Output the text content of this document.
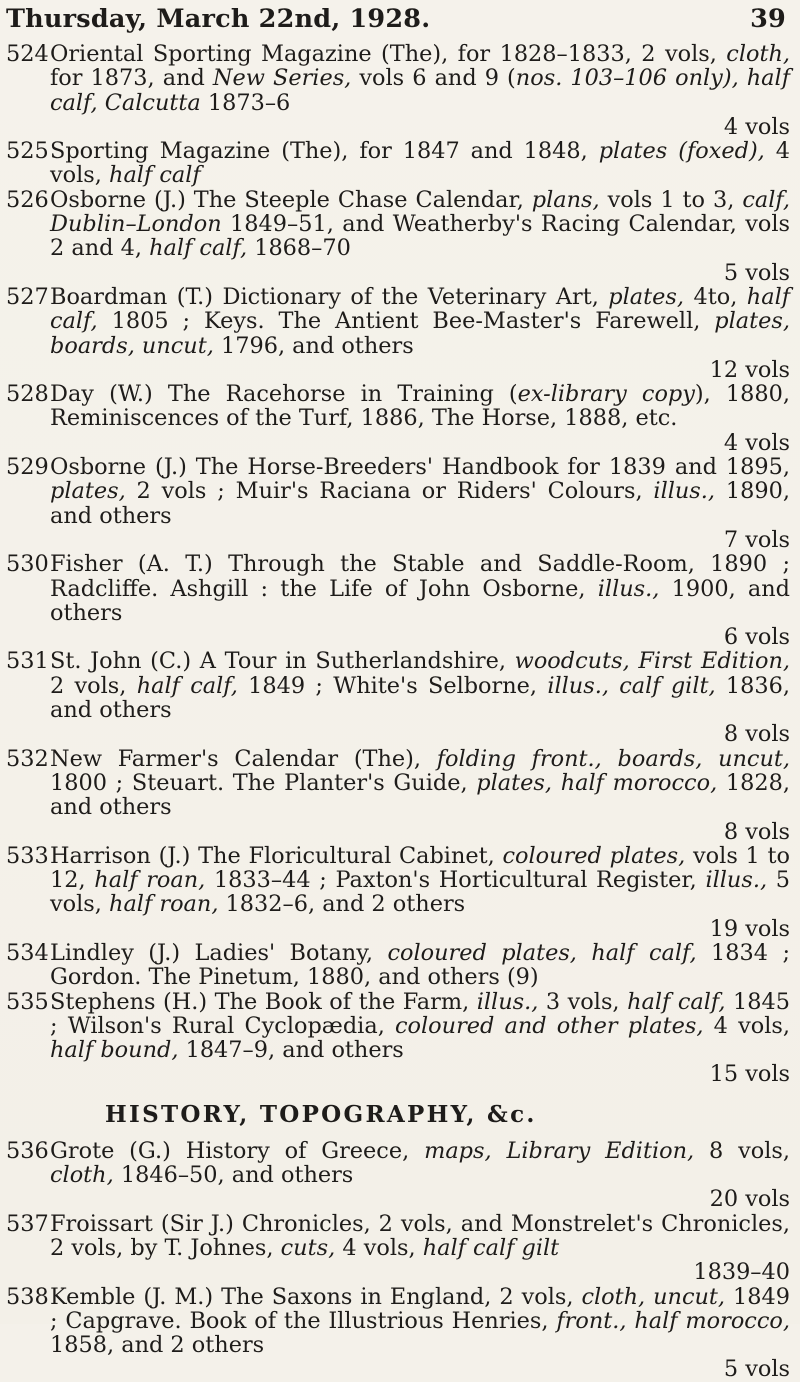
Thursday, March 22nd, 1928.	39

524 Oriental Sporting Magazine (The), for 1828–1833, 2 vols, cloth, for 1873, and New Series, vols 6 and 9 (nos. 103–106 only), half calf, Calcutta 1873–6
4 vols

525 Sporting Magazine (The), for 1847 and 1848, plates (foxed), 4 vols, half calf

526 Osborne (J.) The Steeple Chase Calendar, plans, vols 1 to 3, calf, Dublin–London 1849–51, and Weatherby's Racing Calendar, vols 2 and 4, half calf, 1868–70
5 vols

527 Boardman (T.) Dictionary of the Veterinary Art, plates, 4to, half calf, 1805 ; Keys. The Antient Bee-Master's Farewell, plates, boards, uncut, 1796, and others
12 vols

528 Day (W.) The Racehorse in Training (ex-library copy), 1880, Reminiscences of the Turf, 1886, The Horse, 1888, etc.
4 vols

529 Osborne (J.) The Horse-Breeders' Handbook for 1839 and 1895, plates, 2 vols ; Muir's Raciana or Riders' Colours, illus., 1890, and others
7 vols

530 Fisher (A. T.) Through the Stable and Saddle-Room, 1890 ; Radcliffe. Ashgill : the Life of John Osborne, illus., 1900, and others
6 vols

531 St. John (C.) A Tour in Sutherlandshire, woodcuts, First Edition, 2 vols, half calf, 1849 ; White's Selborne, illus., calf gilt, 1836, and others
8 vols

532 New Farmer's Calendar (The), folding front., boards, uncut, 1800 ; Steuart. The Planter's Guide, plates, half morocco, 1828, and others
8 vols

533 Harrison (J.) The Floricultural Cabinet, coloured plates, vols 1 to 12, half roan, 1833–44 ; Paxton's Horticultural Register, illus., 5 vols, half roan, 1832–6, and 2 others
19 vols

534 Lindley (J.) Ladies' Botany, coloured plates, half calf, 1834 ; Gordon. The Pinetum, 1880, and others (9)

535 Stephens (H.) The Book of the Farm, illus., 3 vols, half calf, 1845 ; Wilson's Rural Cyclopædia, coloured and other plates, 4 vols, half bound, 1847–9, and others
15 vols

HISTORY, TOPOGRAPHY, &c.

536 Grote (G.) History of Greece, maps, Library Edition, 8 vols, cloth, 1846–50, and others
20 vols

537 Froissart (Sir J.) Chronicles, 2 vols, and Monstrelet's Chronicles, 2 vols, by T. Johnes, cuts, 4 vols, half calf gilt
1839–40

538 Kemble (J. M.) The Saxons in England, 2 vols, cloth, uncut, 1849 ; Capgrave. Book of the Illustrious Henries, front., half morocco, 1858, and 2 others
5 vols
